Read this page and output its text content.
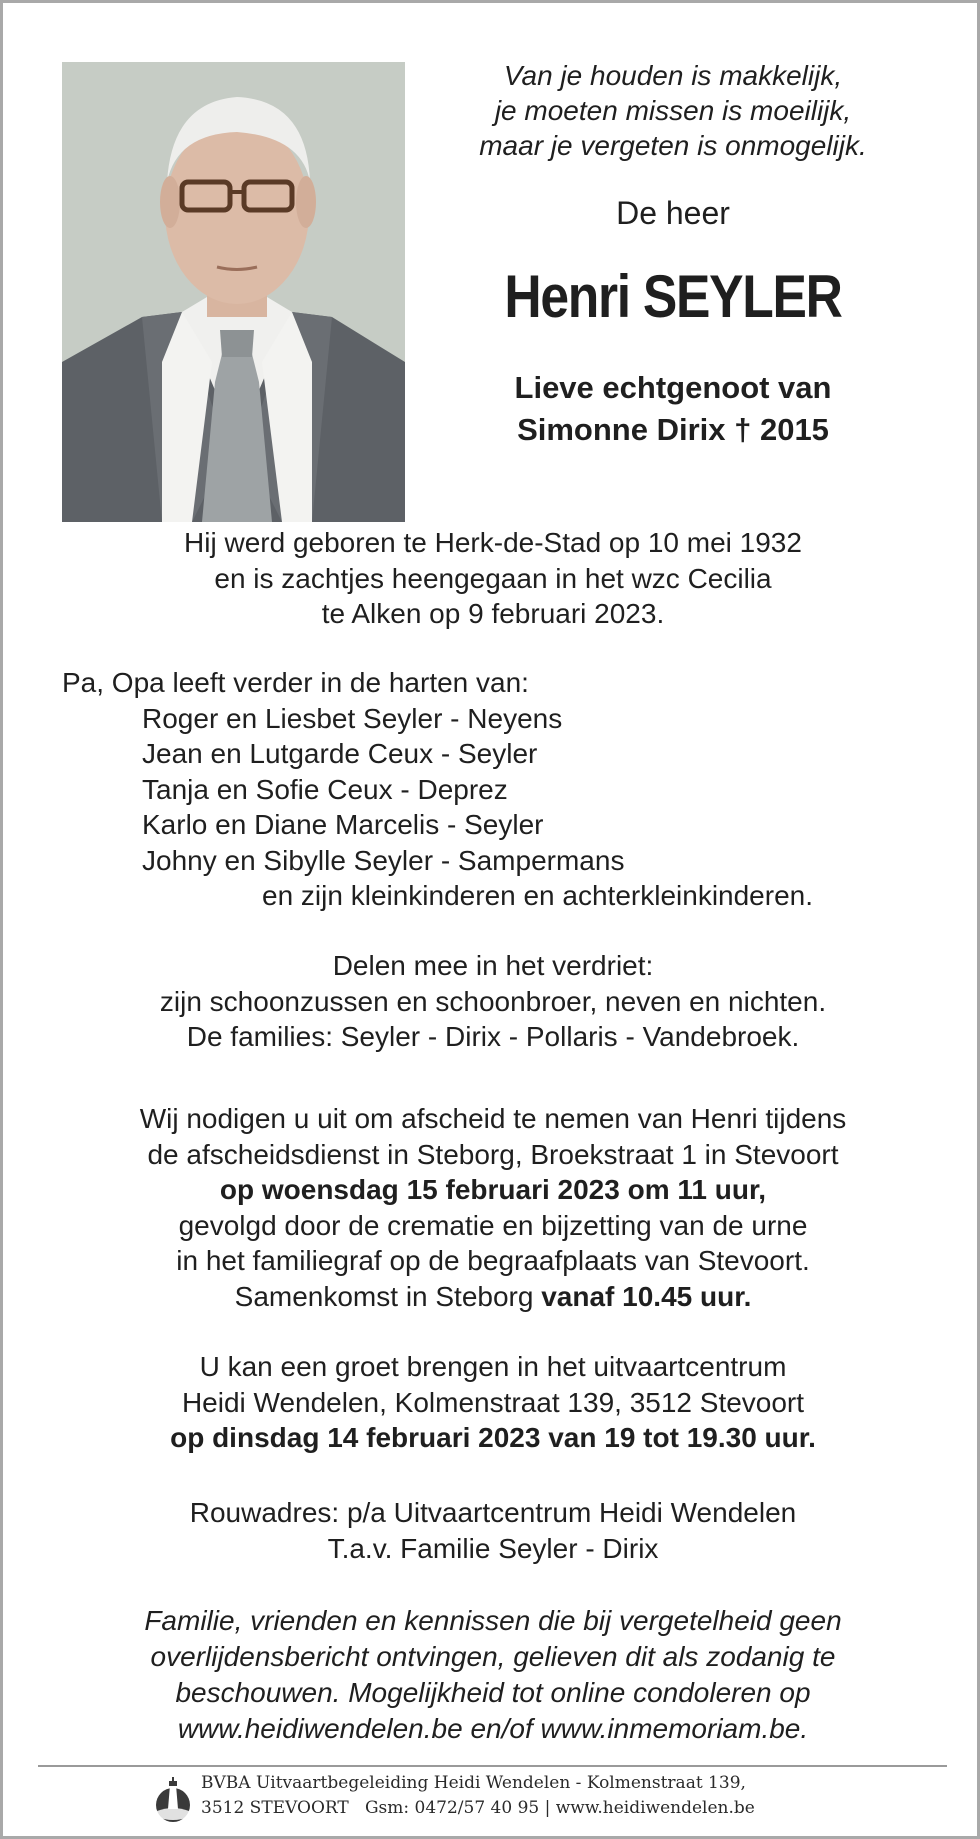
Van je houden is makkelijk,
je moeten missen is moeilijk,
maar je vergeten is onmogelijk.
De heer
Henri SEYLER
Lieve echtgenoot van
Simonne Dirix † 2015
Hij werd geboren te Herk-de-Stad op 10 mei 1932
en is zachtjes heengegaan in het wzc Cecilia
te Alken op 9 februari 2023.
Pa, Opa leeft verder in de harten van:
Roger en Liesbet Seyler - Neyens
Jean en Lutgarde Ceux - Seyler
Tanja en Sofie Ceux - Deprez
Karlo en Diane Marcelis - Seyler
Johny en Sibylle Seyler - Sampermans
en zijn kleinkinderen en achterkleinkinderen.
Delen mee in het verdriet:
zijn schoonzussen en schoonbroer, neven en nichten.
De families: Seyler - Dirix - Pollaris - Vandebroek.
Wij nodigen u uit om afscheid te nemen van Henri tijdens
de afscheidsdienst in Steborg, Broekstraat 1 in Stevoort
op woensdag 15 februari 2023 om 11 uur,
gevolgd door de crematie en bijzetting van de urne
in het familiegraf op de begraafplaats van Stevoort.
Samenkomst in Steborg vanaf 10.45 uur.
U kan een groet brengen in het uitvaartcentrum
Heidi Wendelen, Kolmenstraat 139, 3512 Stevoort
op dinsdag 14 februari 2023 van 19 tot 19.30 uur.
Rouwadres: p/a Uitvaartcentrum Heidi Wendelen
T.a.v. Familie Seyler - Dirix
Familie, vrienden en kennissen die bij vergetelheid geen
overlijdensbericht ontvingen, gelieven dit als zodanig te
beschouwen. Mogelijkheid tot online condoleren op
www.heidiwendelen.be en/of www.inmemoriam.be.
BVBA Uitvaartbegeleiding Heidi Wendelen - Kolmenstraat 139,
3512 STEVOORT   Gsm: 0472/57 40 95 | www.heidiwendelen.be
